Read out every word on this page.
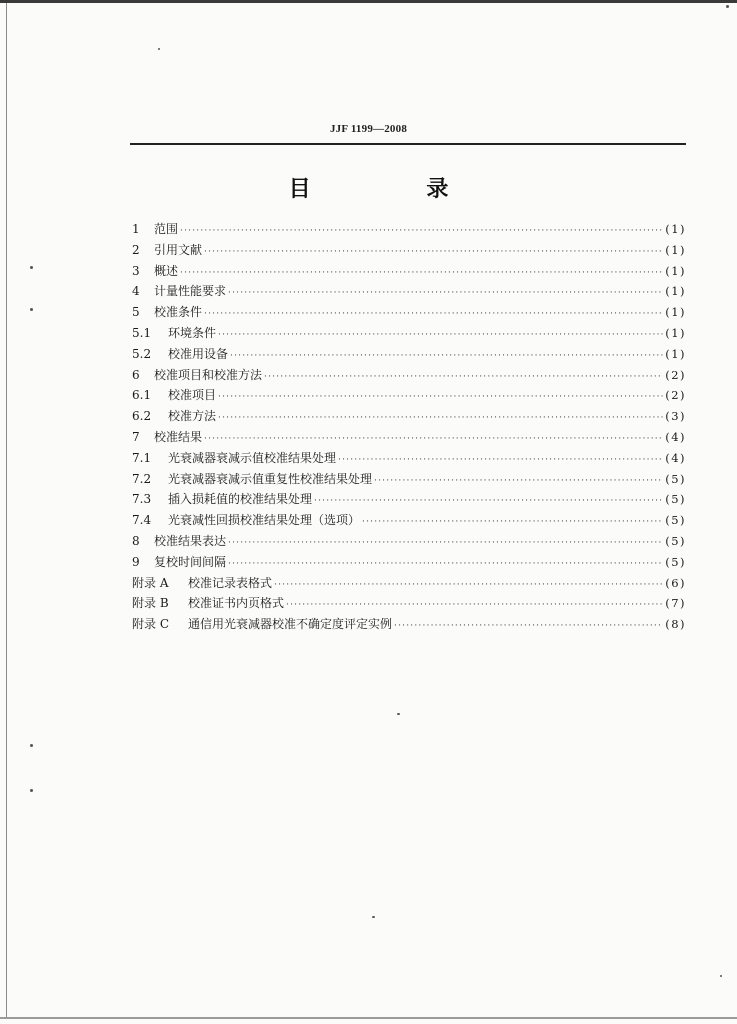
JJF 1199—2008
目 录
1	范围 ·····	(1)
2	引用文献 ·····	(1)
3	概述 ·····	(1)
4	计量性能要求 ·····	(1)
5	校准条件 ·····	(1)
5.1	环境条件 ·····	(1)
5.2	校准用设备 ·····	(1)
6	校准项目和校准方法 ·····	(2)
6.1	校准项目 ·····	(2)
6.2	校准方法 ·····	(3)
7	校准结果 ·····	(4)
7.1	光衰减器衰减示值校准结果处理 ·····	(4)
7.2	光衰减器衰减示值重复性校准结果处理 ·····	(5)
7.3	插入损耗值的校准结果处理 ·····	(5)
7.4	光衰减性回损校准结果处理（选项） ·····	(5)
8	校准结果表达 ·····	(5)
9	复校时间间隔 ·····	(5)
附录 A	校准记录表格式 ·····	(6)
附录 B	校准证书内页格式 ·····	(7)
附录 C	通信用光衰减器校准不确定度评定实例 ·····	(8)
